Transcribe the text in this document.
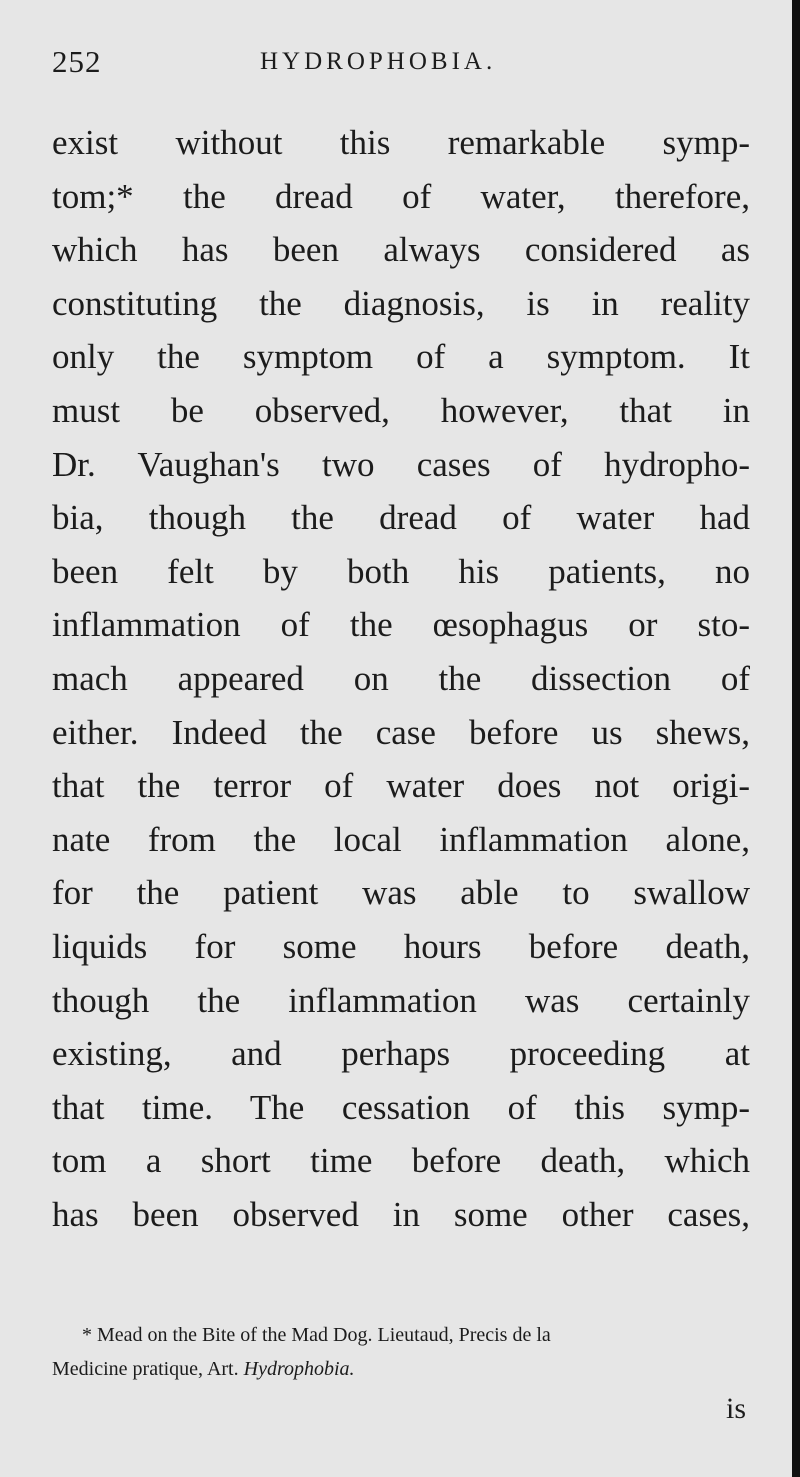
252	HYDROPHOBIA.
exist without this remarkable symp-
tom;* the dread of water, therefore,
which has been always considered as
constituting the diagnosis, is in reality
only the symptom of a symptom. It
must be observed, however, that in
Dr. Vaughan's two cases of hydropho-
bia, though the dread of water had
been felt by both his patients, no
inflammation of the œsophagus or sto-
mach appeared on the dissection of
either. Indeed the case before us shews,
that the terror of water does not origi-
nate from the local inflammation alone,
for the patient was able to swallow
liquids for some hours before death,
though the inflammation was certainly
existing, and perhaps proceeding at
that time. The cessation of this symp-
tom a short time before death, which
has been observed in some other cases,
* Mead on the Bite of the Mad Dog. Lieutaud, Precis de la
Medicine pratique, Art. Hydrophobia.
is
